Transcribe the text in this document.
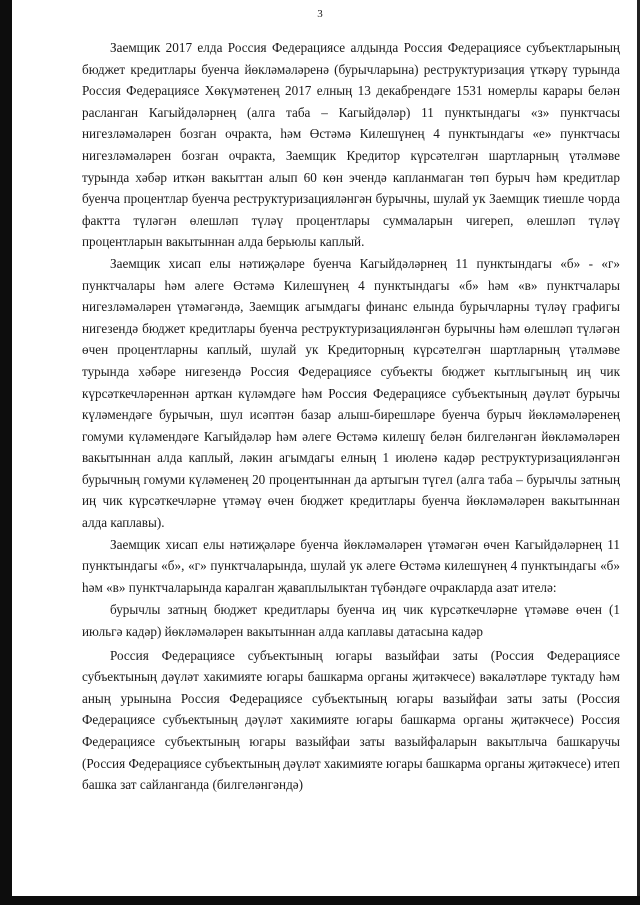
3

Заемщик 2017 елда Россия Федерациясе алдында Россия Федерациясе субъектларының бюджет кредитлары буенча йөкләмәләренә (бурычларына) реструктуризация үткәрү турында Россия Федерациясе Хөкүмәтенең 2017 елның 13 декабрендәге 1531 номерлы карары белән расланган Кагыйдәләрнең (алга таба – Кагыйдәләр) 11 пунктындагы «з» пунктчасы нигезләмәләрен бозган очракта, һәм Өстәмә Килешүнең 4 пунктындагы «е» пунктчасы нигезләмәләрен бозган очракта, Заемщик Кредитор күрсәтелгән шартларның үтәлмәве турында хәбәр иткән вакыттан алып 60 көн эчендә капланмаган төп бурыч һәм кредитлар буенча процентлар буенча реструктуризацияләнгән бурычны, шулай ук Заемщик тиешле чорда фактта түләгән өлешләп түләү процентлары суммаларын чигереп, өлешләп түләү процентларын вакытыннан алда берьюлы каплый.

Заемщик хисап елы нәтиҗәләре буенча Кагыйдәләрнең 11 пунктындагы «б» - «г» пунктчалары һәм әлеге Өстәмә Килешүнең 4 пунктындагы «б» һәм «в» пунктчалары нигезләмәләрен үтәмәгәндә, Заемщик агымдагы финанс елында бурычларны түләү графигы нигезендә бюджет кредитлары буенча реструктуризацияләнгән бурычны һәм өлешләп түләгән өчен процентларны каплый, шулай ук Кредиторның күрсәтелгән шартларның үтәлмәве турында хәбәре нигезендә Россия Федерациясе субъекты бюджет кытлыгының иң чик күрсәткечләреннән арткан күләмдәге һәм Россия Федерациясе субъектының дәүләт бурычы күләмендәге бурычын, шул исәптән базар алыш-бирешләре буенча бурыч йөкләмәләренең гомуми күләмендәге Кагыйдәләр һәм әлеге Өстәмә килешү белән билгеләнгән йөкләмәләрен вакытыннан алда каплый, ләкин агымдагы елның 1 июленә кадәр реструктуризацияләнгән бурычның гомуми күләменең 20 процентыннан да артыгын түгел (алга таба – бурычлы затның иң чик күрсәткечләрне үтәмәү өчен бюджет кредитлары буенча йөкләмәләрен вакытыннан алда каплавы).

Заемщик хисап елы нәтиҗәләре буенча йөкләмәләрен үтәмәгән өчен Кагыйдәләрнең 11 пунктындагы «б», «г» пунктчаларында, шулай ук әлеге Өстәмә килешүнең 4 пунктындагы «б» һәм «в» пунктчаларында каралган җаваплылыктан түбәндәге очракларда азат ителә:

бурычлы затның бюджет кредитлары буенча иң чик күрсәткечләрне үтәмәве өчен (1 июльгә кадәр) йөкләмәләрен вакытыннан алда каплавы датасына кадәр

Россия Федерациясе субъектының югары вазыйфаи заты (Россия Федерациясе субъектының дәүләт хакимияте югары башкарма органы җитәкчесе) вәкаләтләре туктаду һәм аның урынына Россия Федерациясе субъектының югары вазыйфаи заты заты (Россия Федерациясе субъектының дәүләт хакимияте югары башкарма органы җитәкчесе) Россия Федерациясе субъектының югары вазыйфаи заты вазыйфаларын вакытлыча башкаручы (Россия Федерациясе субъектының дәүләт хакимияте югары башкарма органы җитәкчесе) итеп башка зат сайланганда (билгеләнгәндә)
